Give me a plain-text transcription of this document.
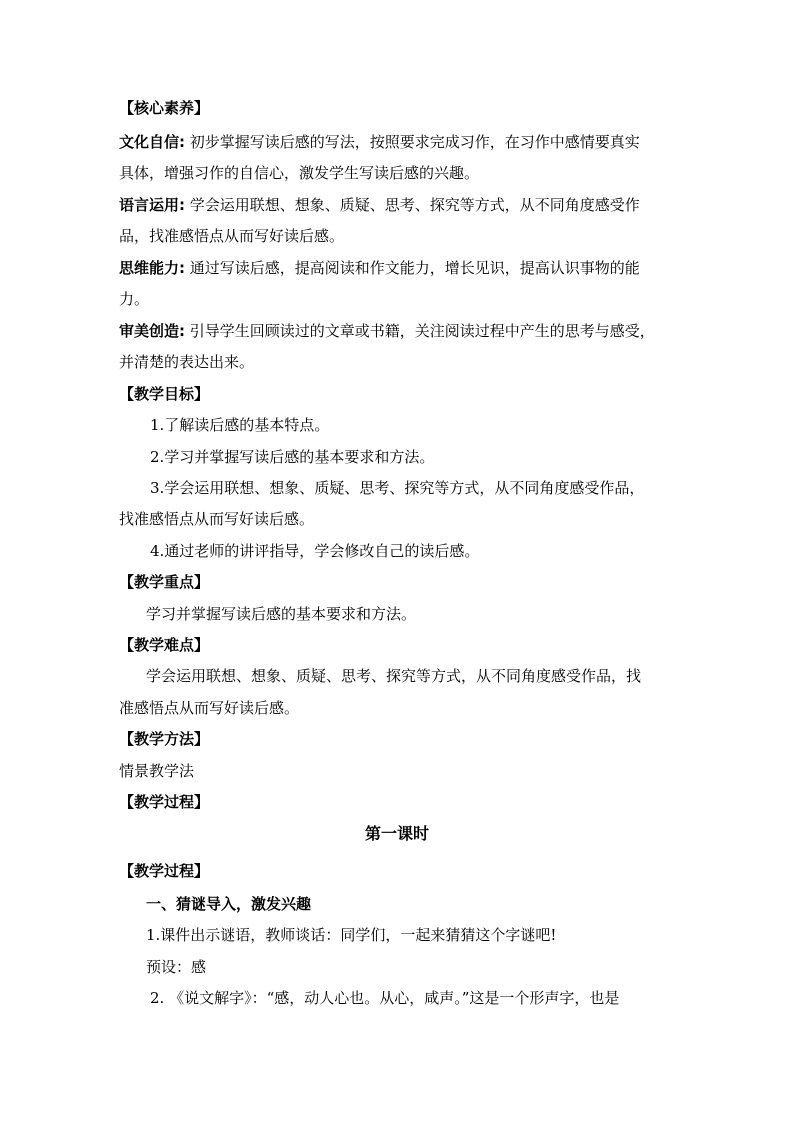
【核心素养】
文化自信: 初步掌握写读后感的写法，按照要求完成习作，在习作中感情要真实
具体，增强习作的自信心，激发学生写读后感的兴趣。
语言运用: 学会运用联想、想象、质疑、思考、探究等方式，从不同角度感受作
品，找准感悟点从而写好读后感。
思维能力: 通过写读后感，提高阅读和作文能力，增长见识，提高认识事物的能
力。
审美创造: 引导学生回顾读过的文章或书籍，关注阅读过程中产生的思考与感受，
并清楚的表达出来。
【教学目标】
1.了解读后感的基本特点。
2.学习并掌握写读后感的基本要求和方法。
3.学会运用联想、想象、质疑、思考、探究等方式，从不同角度感受作品，
找准感悟点从而写好读后感。
4.通过老师的讲评指导，学会修改自己的读后感。
【教学重点】
学习并掌握写读后感的基本要求和方法。
【教学难点】
学会运用联想、想象、质疑、思考、探究等方式，从不同角度感受作品，找
准感悟点从而写好读后感。
【教学方法】
情景教学法
【教学过程】
第一课时
【教学过程】
一、猜谜导入，激发兴趣
1.课件出示谜语，教师谈话：同学们，一起来猜猜这个字谜吧!
预设：感
2. 《说文解字》：“感，动人心也。从心，咸声。”这是一个形声字，也是
